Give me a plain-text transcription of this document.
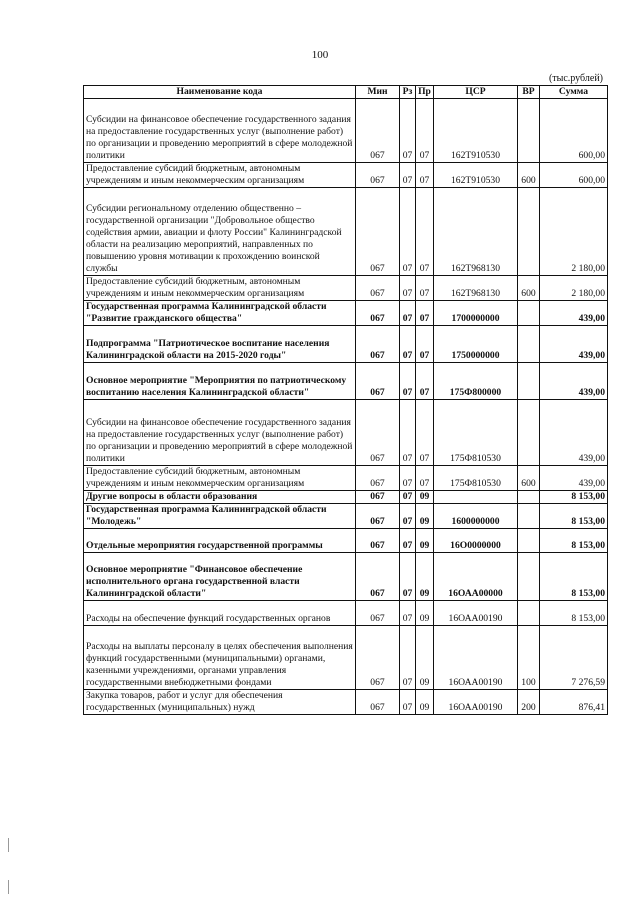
100
(тыс.рублей)
Наименование кода	Мин	Рз	Пр	ЦСР	ВР	Сумма
Субсидии на финансовое обеспечение государственного задания на предоставление государственных услуг (выполнение работ) по организации и проведению мероприятий в сфере молодежной политики	067	07	07	162Т910530		600,00
Предоставление субсидий бюджетным, автономным учреждениям и иным некоммерческим организациям	067	07	07	162Т910530	600	600,00
Субсидии региональному отделению общественно – государственной организации "Добровольное общество содействия армии, авиации и флоту России" Калининградской области на реализацию мероприятий, направленных по повышению уровня мотивации к прохождению воинской службы	067	07	07	162Т968130		2 180,00
Предоставление субсидий бюджетным, автономным учреждениям и иным некоммерческим организациям	067	07	07	162Т968130	600	2 180,00
Государственная программа Калининградской области "Развитие гражданского общества"	067	07	07	1700000000		439,00
Подпрограмма "Патриотическое воспитание населения Калининградской области на 2015-2020 годы"	067	07	07	1750000000		439,00
Основное мероприятие "Мероприятия по патриотическому воспитанию населения Калининградской области"	067	07	07	175Ф800000		439,00
Субсидии на финансовое обеспечение государственного задания на предоставление государственных услуг (выполнение работ) по организации и проведению мероприятий в сфере молодежной политики	067	07	07	175Ф810530		439,00
Предоставление субсидий бюджетным, автономным учреждениям и иным некоммерческим организациям	067	07	07	175Ф810530	600	439,00
Другие вопросы в области образования	067	07	09			8 153,00
Государственная программа Калининградской области "Молодежь"	067	07	09	1600000000		8 153,00
Отдельные мероприятия государственной программы	067	07	09	16О0000000		8 153,00
Основное мероприятие "Финансовое обеспечение исполнительного органа государственной власти Калининградской области"	067	07	09	16ОАА00000		8 153,00
Расходы на обеспечение функций государственных органов	067	07	09	16ОАА00190		8 153,00
Расходы на выплаты персоналу в целях обеспечения выполнения функций государственными (муниципальными) органами, казенными учреждениями, органами управления государственными внебюджетными фондами	067	07	09	16ОАА00190	100	7 276,59
Закупка товаров, работ и услуг для обеспечения государственных (муниципальных) нужд	067	07	09	16ОАА00190	200	876,41
